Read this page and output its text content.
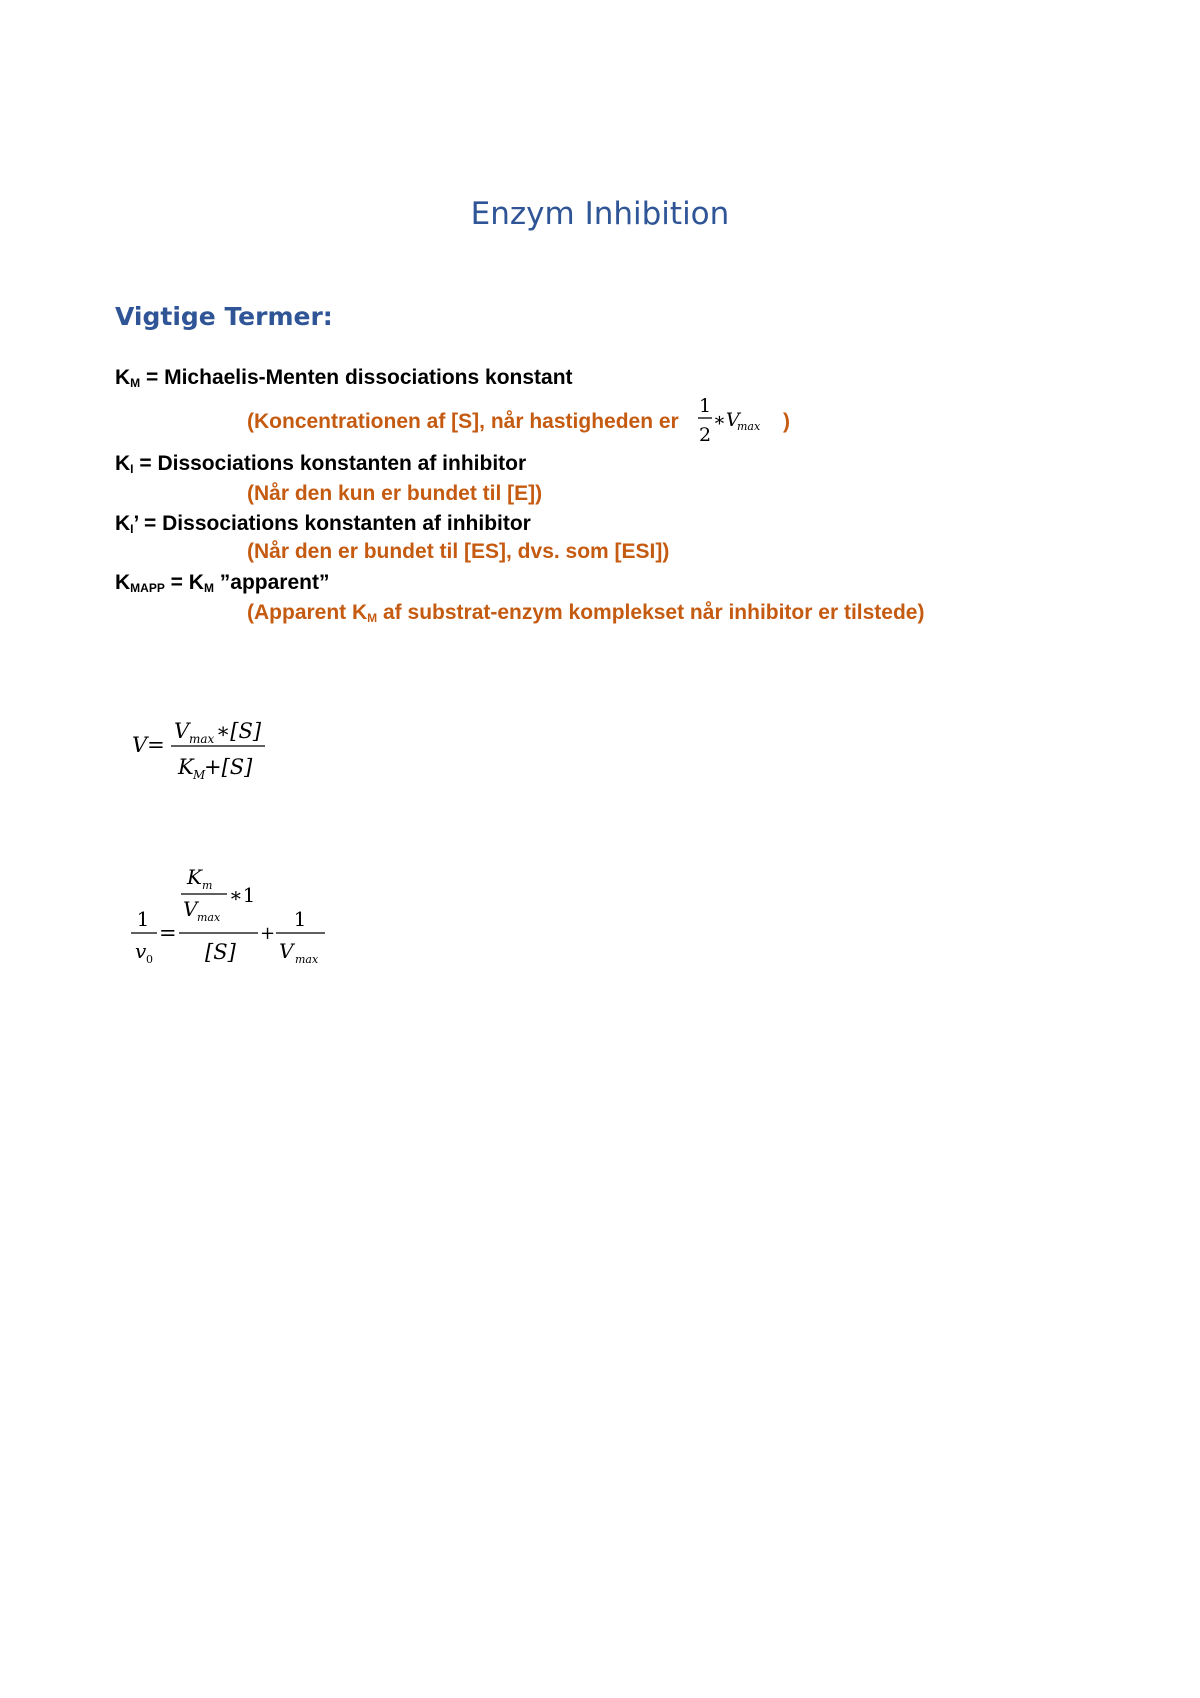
Enzym Inhibition
Vigtige Termer:
$K_M$ = Michaelis-Menten dissociations konstant
(Koncentrationen af [S], når hastigheden er	)
1
2
∗V
max
$K_I$ = Dissociations konstanten af inhibitor
(Når den kun er bundet til [E])
$K_I$’ = Dissociations konstanten af inhibitor
(Når den er bundet til [ES], dvs. som [ESI])
$K_{MAPP} = K_M$ ”apparent”
(Apparent $K_M$ af substrat-enzym komplekset når inhibitor er tilstede)
V=
V max ∗[S]
K M
+[S]
1
v 0
=
K m
V max
∗1
[S]
+
1
V max
